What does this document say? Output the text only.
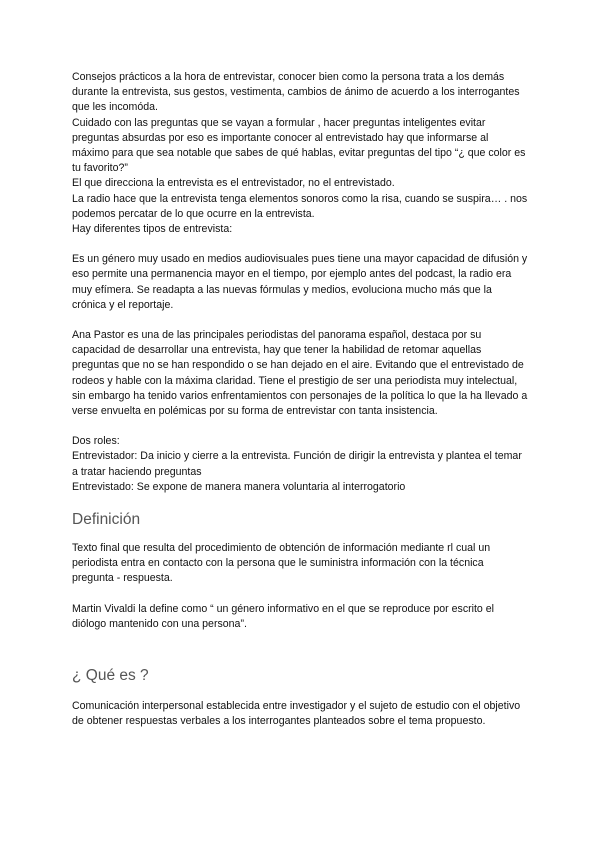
Consejos prácticos a la hora de entrevistar, conocer bien como la persona trata a los demás durante la entrevista, sus gestos, vestimenta, cambios de ánimo de acuerdo a los interrogantes que les incomóda.

Cuidado con las preguntas que se vayan a formular , hacer preguntas inteligentes evitar preguntas absurdas por eso es importante conocer al entrevistado hay que informarse al máximo para que sea notable que sabes de qué hablas, evitar preguntas del tipo “¿ que color es tu favorito?”

El que direcciona la entrevista es el entrevistador, no el entrevistado.

La radio hace que la entrevista tenga elementos sonoros como la risa, cuando se suspira… . nos podemos percatar de lo que ocurre en la entrevista.

Hay diferentes tipos de entrevista:

Es un género muy usado en medios audiovisuales pues tiene una mayor capacidad de difusión y eso permite una permanencia mayor en el tiempo, por ejemplo antes del podcast, la radio era muy efímera. Se readapta a las nuevas fórmulas y medios, evoluciona mucho más que la crónica y el reportaje.

Ana Pastor es una de las principales periodistas del panorama español, destaca por su capacidad de desarrollar una entrevista, hay que tener la habilidad de retomar aquellas preguntas que no se han respondido o se han dejado en el aire. Evitando que el entrevistado de rodeos y hable con la máxima claridad. Tiene el prestigio de ser una periodista muy intelectual, sin embargo ha tenido varios enfrentamientos con personajes de la política lo que la ha llevado a verse envuelta en polémicas por su forma de entrevistar con tanta insistencia.

Dos roles:

Entrevistador: Da inicio y cierre a la entrevista. Función de dirigir la entrevista y plantea el temar a tratar haciendo preguntas

Entrevistado: Se expone de manera manera voluntaria al interrogatorio

Definición

Texto final que resulta del procedimiento de obtención de información mediante rl cual un periodista entra en contacto con la persona que le suministra información con la técnica pregunta - respuesta.

Martin Vivaldi la define como “ un género informativo en el que se reproduce por escrito el diólogo mantenido con una persona”.

¿ Qué es ?

Comunicación interpersonal establecida entre investigador y el sujeto de estudio con el objetivo de obtener respuestas verbales a los interrogantes planteados sobre el tema propuesto.
